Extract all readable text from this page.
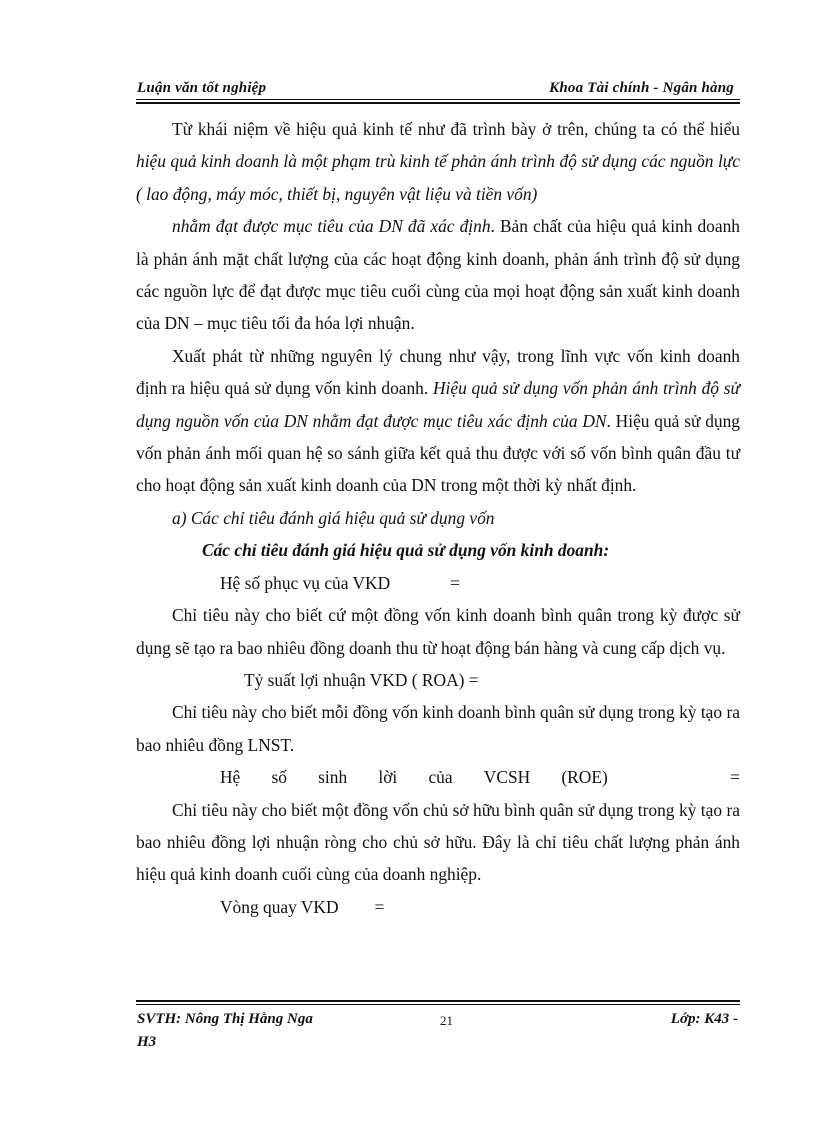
Luận văn tốt nghiệp	Khoa Tài chính - Ngân hàng

Từ khái niệm về hiệu quả kinh tế như đã trình bày ở trên, chúng ta có thể hiểu hiệu quả kinh doanh là một phạm trù kinh tế phản ánh trình độ sử dụng các nguồn lực ( lao động, máy móc, thiết bị, nguyên vật liệu và tiền vốn)

nhằm đạt được mục tiêu của DN đã xác định. Bản chất của hiệu quả kinh doanh là phản ánh mặt chất lượng của các hoạt động kinh doanh, phản ánh trình độ sử dụng các nguồn lực để đạt được mục tiêu cuối cùng của mọi hoạt động sản xuất kinh doanh của DN – mục tiêu tối đa hóa lợi nhuận.

Xuất phát từ những nguyên lý chung như vậy, trong lĩnh vực vốn kinh doanh định ra hiệu quả sử dụng vốn kinh doanh. Hiệu quả sử dụng vốn phản ánh trình độ sử dụng nguồn vốn của DN nhằm đạt được mục tiêu xác định của DN. Hiệu quả sử dụng vốn phản ánh mối quan hệ so sánh giữa kết quả thu được với số vốn bình quân đầu tư cho hoạt động sản xuất kinh doanh của DN trong một thời kỳ nhất định.

a) Các chỉ tiêu đánh giá hiệu quả sử dụng vốn

Các chỉ tiêu đánh giá hiệu quả sử dụng vốn kinh doanh:

Hệ số phục vụ của VKD	=

Chỉ tiêu này cho biết cứ một đồng vốn kinh doanh bình quân trong kỳ được sử dụng sẽ tạo ra bao nhiêu đồng doanh thu từ hoạt động bán hàng và cung cấp dịch vụ.

Tỷ suất lợi nhuận VKD ( ROA) =

Chỉ tiêu này cho biết mỗi đồng vốn kinh doanh bình quân sử dụng trong kỳ tạo ra bao nhiêu đồng LNST.

Hệ số sinh lời của VCSH (ROE)	=

Chỉ tiêu này cho biết một đồng vốn chủ sở hữu bình quân sử dụng trong kỳ tạo ra bao nhiêu đồng lợi nhuận ròng cho chủ sở hữu. Đây là chỉ tiêu chất lượng phản ánh hiệu quả kinh doanh cuối cùng của doanh nghiệp.

Vòng quay VKD =

SVTH: Nông Thị Hằng Nga	21	Lớp: K43 -
H3
